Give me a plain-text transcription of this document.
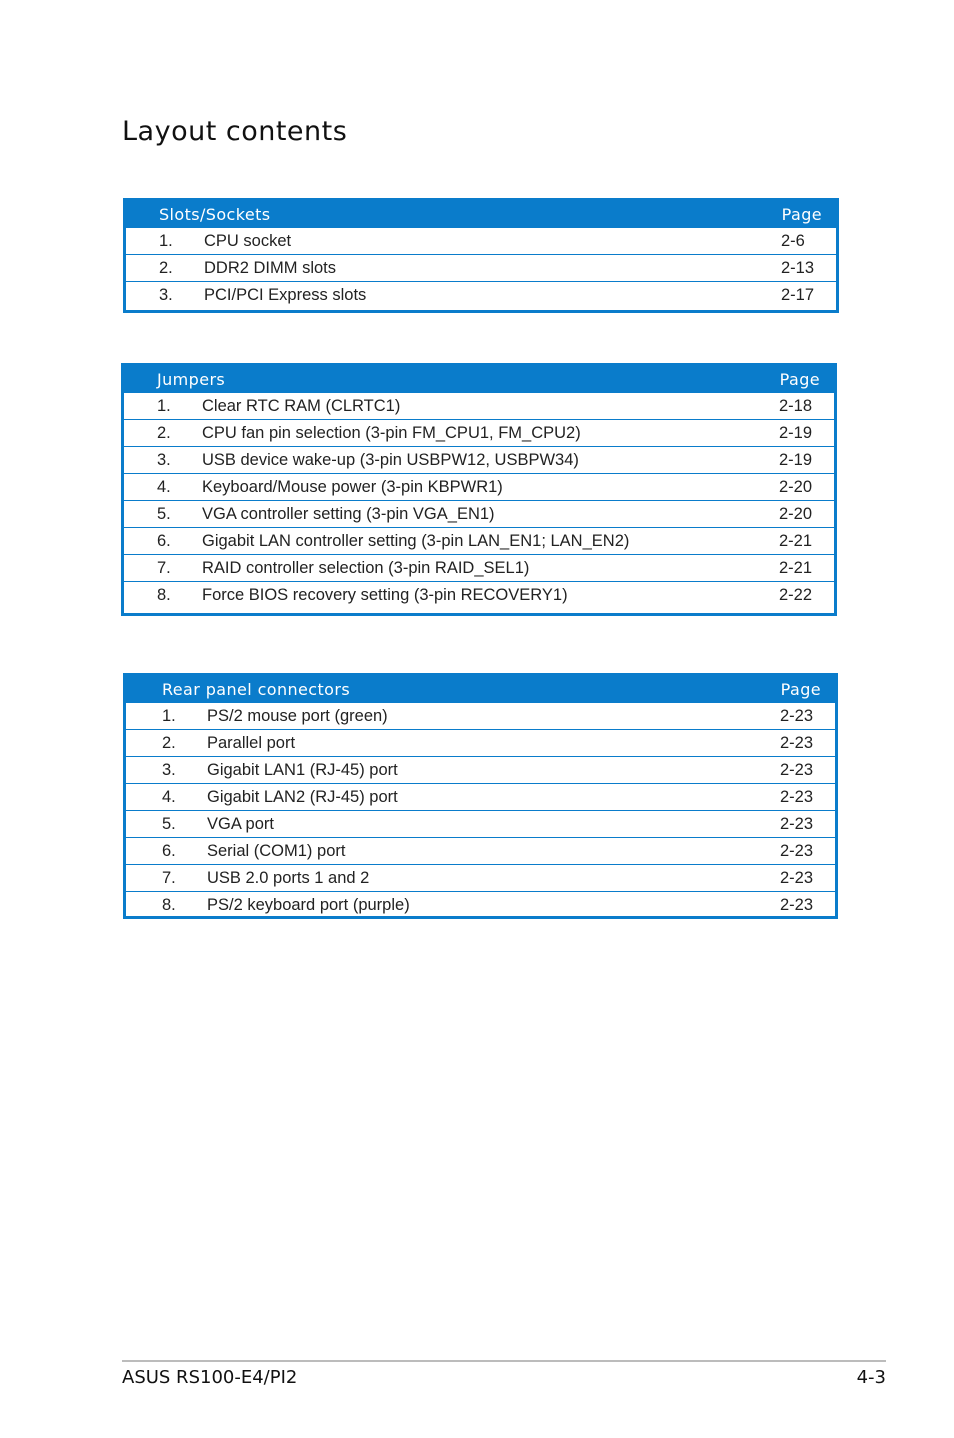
Layout contents
Slots/Sockets	Page
1.	CPU socket	2-6
2.	DDR2 DIMM slots	2-13
3.	PCI/PCI Express slots	2-17
Jumpers	Page
1.	Clear RTC RAM (CLRTC1)	2-18
2.	CPU fan pin selection (3-pin FM_CPU1, FM_CPU2)	2-19
3.	USB device wake-up (3-pin USBPW12, USBPW34)	2-19
4.	Keyboard/Mouse power (3-pin KBPWR1)	2-20
5.	VGA controller setting (3-pin VGA_EN1)	2-20
6.	Gigabit LAN controller setting (3-pin LAN_EN1; LAN_EN2)	2-21
7.	RAID controller selection (3-pin RAID_SEL1)	2-21
8.	Force BIOS recovery setting (3-pin RECOVERY1)	2-22
Rear panel connectors	Page
1.	PS/2 mouse port (green)	2-23
2.	Parallel port	2-23
3.	Gigabit LAN1 (RJ-45) port	2-23
4.	Gigabit LAN2 (RJ-45) port	2-23
5.	VGA port	2-23
6.	Serial (COM1) port	2-23
7.	USB 2.0 ports 1 and 2	2-23
8.	PS/2 keyboard port (purple)	2-23
ASUS RS100-E4/PI2	4-3
